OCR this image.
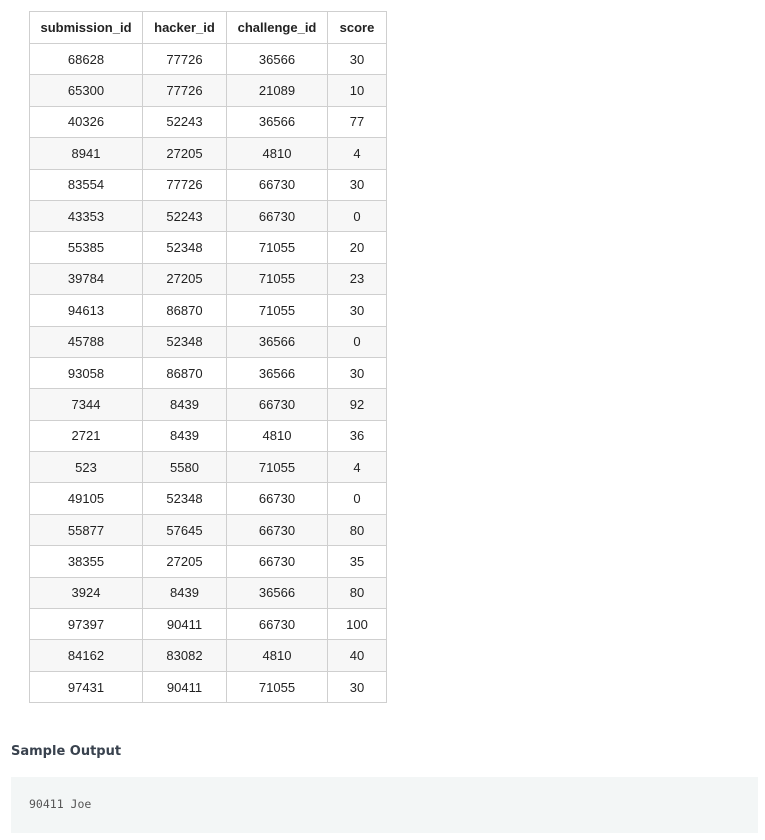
submission_id	hacker_id	challenge_id	score
68628	77726	36566	30
65300	77726	21089	10
40326	52243	36566	77
8941	27205	4810	4
83554	77726	66730	30
43353	52243	66730	0
55385	52348	71055	20
39784	27205	71055	23
94613	86870	71055	30
45788	52348	36566	0
93058	86870	36566	30
7344	8439	66730	92
2721	8439	4810	36
523	5580	71055	4
49105	52348	66730	0
55877	57645	66730	80
38355	27205	66730	35
3924	8439	36566	80
97397	90411	66730	100
84162	83082	4810	40
97431	90411	71055	30
Sample Output
90411 Joe
